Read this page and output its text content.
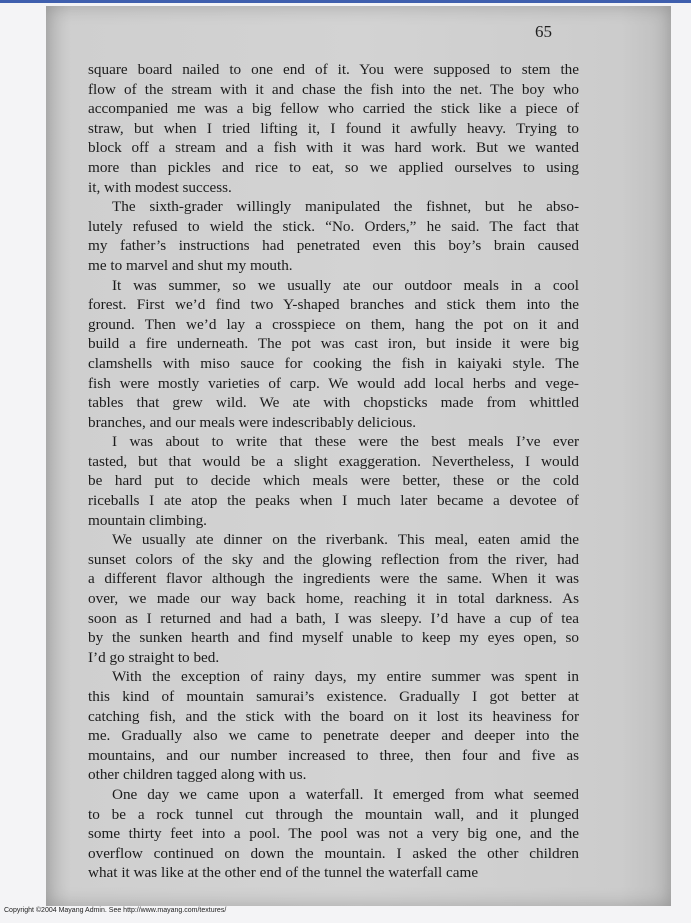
65
square board nailed to one end of it. You were supposed to stem the
flow of the stream with it and chase the fish into the net. The boy who
accompanied me was a big fellow who carried the stick like a piece of
straw, but when I tried lifting it, I found it awfully heavy. Trying to
block off a stream and a fish with it was hard work. But we wanted
more than pickles and rice to eat, so we applied ourselves to using
it, with modest success.
The sixth-grader willingly manipulated the fishnet, but he abso-
lutely refused to wield the stick. “No. Orders,” he said. The fact that
my father’s instructions had penetrated even this boy’s brain caused
me to marvel and shut my mouth.
It was summer, so we usually ate our outdoor meals in a cool
forest. First we’d find two Y-shaped branches and stick them into the
ground. Then we’d lay a crosspiece on them, hang the pot on it and
build a fire underneath. The pot was cast iron, but inside it were big
clamshells with miso sauce for cooking the fish in kaiyaki style. The
fish were mostly varieties of carp. We would add local herbs and vege-
tables that grew wild. We ate with chopsticks made from whittled
branches, and our meals were indescribably delicious.
I was about to write that these were the best meals I’ve ever
tasted, but that would be a slight exaggeration. Nevertheless, I would
be hard put to decide which meals were better, these or the cold
riceballs I ate atop the peaks when I much later became a devotee of
mountain climbing.
We usually ate dinner on the riverbank. This meal, eaten amid the
sunset colors of the sky and the glowing reflection from the river, had
a different flavor although the ingredients were the same. When it was
over, we made our way back home, reaching it in total darkness. As
soon as I returned and had a bath, I was sleepy. I’d have a cup of tea
by the sunken hearth and find myself unable to keep my eyes open, so
I’d go straight to bed.
With the exception of rainy days, my entire summer was spent in
this kind of mountain samurai’s existence. Gradually I got better at
catching fish, and the stick with the board on it lost its heaviness for
me. Gradually also we came to penetrate deeper and deeper into the
mountains, and our number increased to three, then four and five as
other children tagged along with us.
One day we came upon a waterfall. It emerged from what seemed
to be a rock tunnel cut through the mountain wall, and it plunged
some thirty feet into a pool. The pool was not a very big one, and the
overflow continued on down the mountain. I asked the other children
what it was like at the other end of the tunnel the waterfall came
Copyright ©2004 Mayang Admin. See http://www.mayang.com/textures/
